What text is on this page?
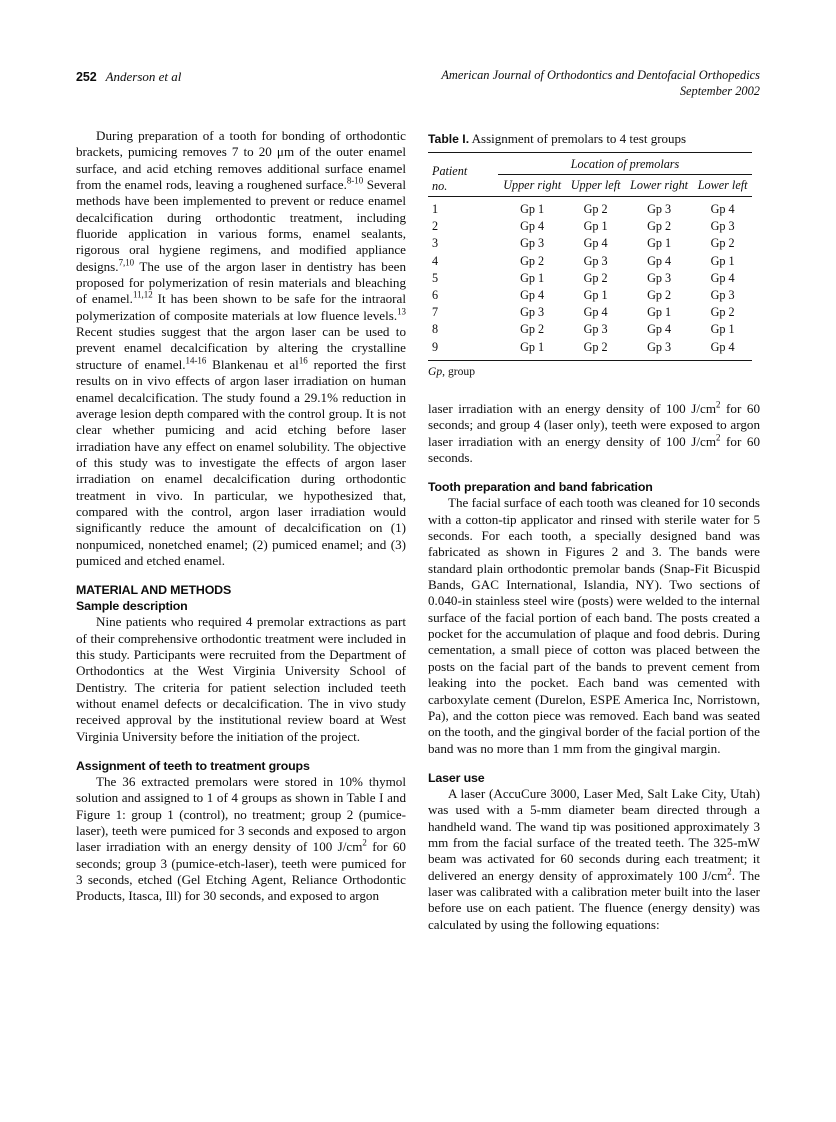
252 Anderson et al	American Journal of Orthodontics and Dentofacial Orthopedics
September 2002

During preparation of a tooth for bonding of orthodontic brackets, pumicing removes 7 to 20 μm of the outer enamel surface, and acid etching removes additional surface enamel from the enamel rods, leaving a roughened surface.$^{8-10}$ Several methods have been implemented to prevent or reduce enamel decalcification during orthodontic treatment, including fluoride application in various forms, enamel sealants, rigorous oral hygiene regimens, and modified appliance designs.$^{7,10}$ The use of the argon laser in dentistry has been proposed for polymerization of resin materials and bleaching of enamel.$^{11,12}$ It has been shown to be safe for the intraoral polymerization of composite materials at low fluence levels.$^{13}$ Recent studies suggest that the argon laser can be used to prevent enamel decalcification by altering the crystalline structure of enamel.$^{14-16}$ Blankenau et $al^{16}$ reported the first results on in vivo effects of argon laser irradiation on human enamel decalcification. The study found a 29.1% reduction in average lesion depth compared with the control group. It is not clear whether pumicing and acid etching before laser irradiation have any effect on enamel solubility. The objective of this study was to investigate the effects of argon laser irradiation on enamel decalcification during orthodontic treatment in vivo. In particular, we hypothesized that, compared with the control, argon laser irradiation would significantly reduce the amount of decalcification on (1) nonpumiced, nonetched enamel; (2) pumiced enamel; and (3) pumiced and etched enamel.

MATERIAL AND METHODS
Sample description

Nine patients who required 4 premolar extractions as part of their comprehensive orthodontic treatment were included in this study. Participants were recruited from the Department of Orthodontics at the West Virginia University School of Dentistry. The criteria for patient selection included teeth without enamel defects or decalcification. The in vivo study received approval by the institutional review board at West Virginia University before the initiation of the project.

Assignment of teeth to treatment groups

The 36 extracted premolars were stored in 10% thymol solution and assigned to 1 of 4 groups as shown in Table I and Figure 1: group 1 (control), no treatment; group 2 (pumice-laser), teeth were pumiced for 3 seconds and exposed to argon laser irradiation with an energy density of 100 $J/cm^2$ for 60 seconds; group 3 (pumice-etch-laser), teeth were pumiced for 3 seconds, etched (Gel Etching Agent, Reliance Orthodontic Products, Itasca, Ill) for 30 seconds, and exposed to argon

Table I. Assignment of premolars to 4 test groups
Patient
no.	Location of premolars			

	Upper right	Upper left	Lower right	Lower left
1	Gp 1	Gp 2	Gp 3	Gp 4
2	Gp 4	Gp 1	Gp 2	Gp 3
3	Gp 3	Gp 4	Gp 1	Gp 2
4	Gp 2	Gp 3	Gp 4	Gp 1
5	Gp 1	Gp 2	Gp 3	Gp 4
6	Gp 4	Gp 1	Gp 2	Gp 3
7	Gp 3	Gp 4	Gp 1	Gp 2
8	Gp 2	Gp 3	Gp 4	Gp 1
9	Gp 1	Gp 2	Gp 3	Gp 4
Gp, group

laser irradiation with an energy density of 100 $J/cm^2$ for 60 seconds; and group 4 (laser only), teeth were exposed to argon laser irradiation with an energy density of 100 $J/cm^2$ for 60 seconds.

Tooth preparation and band fabrication

The facial surface of each tooth was cleaned for 10 seconds with a cotton-tip applicator and rinsed with sterile water for 5 seconds. For each tooth, a specially designed band was fabricated as shown in Figures 2 and 3. The bands were standard plain orthodontic premolar bands (Snap-Fit Bicuspid Bands, GAC International, Islandia, NY). Two sections of 0.040-in stainless steel wire (posts) were welded to the internal surface of the facial portion of each band. The posts created a pocket for the accumulation of plaque and food debris. During cementation, a small piece of cotton was placed between the posts on the facial part of the bands to prevent cement from leaking into the pocket. Each band was cemented with carboxylate cement (Durelon, ESPE America Inc, Norristown, Pa), and the cotton piece was removed. Each band was seated on the tooth, and the gingival border of the facial portion of the band was no more than 1 mm from the gingival margin.

Laser use

A laser (AccuCure 3000, Laser Med, Salt Lake City, Utah) was used with a 5-mm diameter beam directed through a handheld wand. The wand tip was positioned approximately 3 mm from the facial surface of the treated teeth. The 325-mW beam was activated for 60 seconds during each treatment; it delivered an energy density of approximately 100 $J/cm^2$. The laser was calibrated with a calibration meter built into the laser before use on each patient. The fluence (energy density) was calculated by using the following equations:
